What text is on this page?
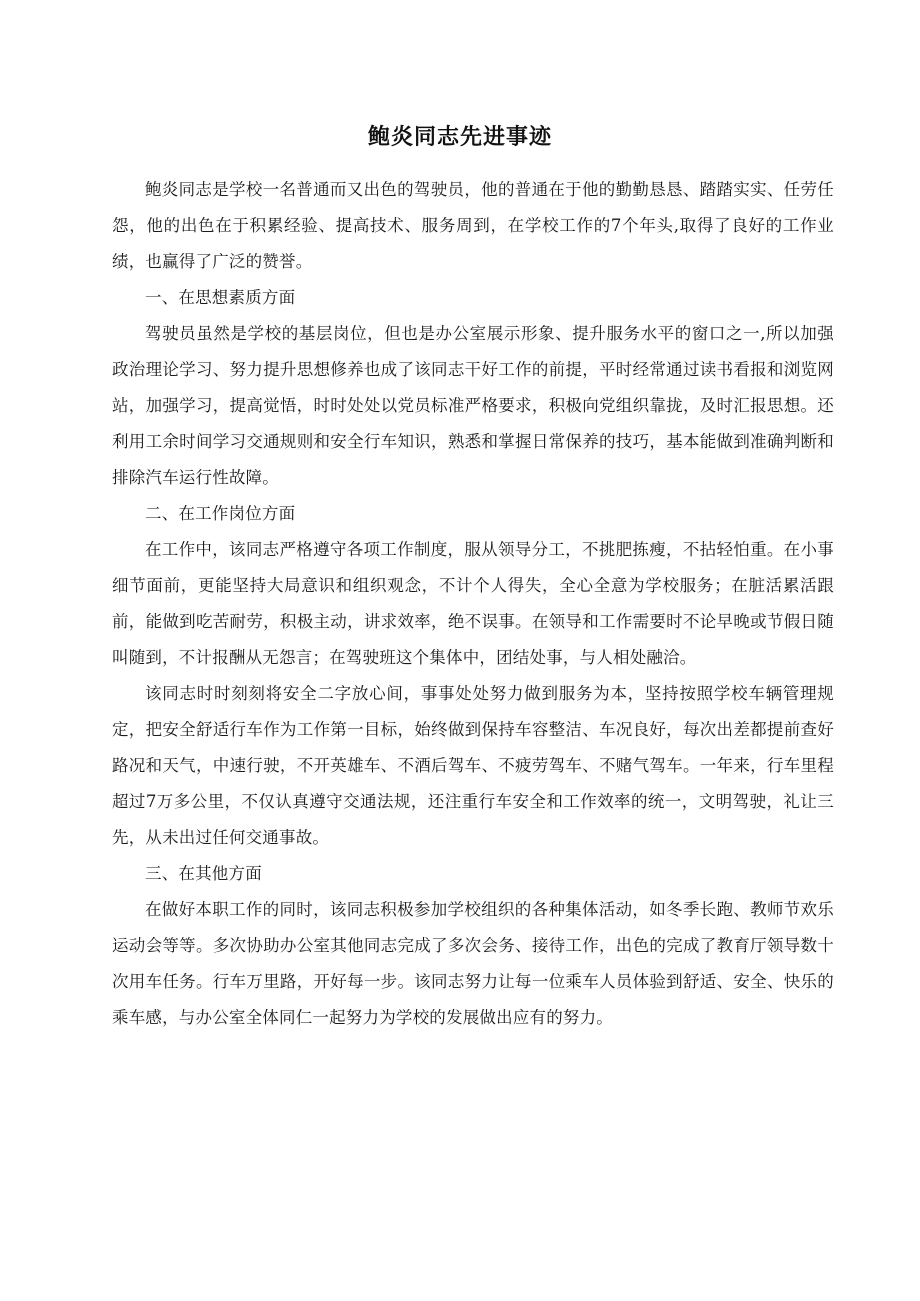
鲍炎同志先进事迹

鲍炎同志是学校一名普通而又出色的驾驶员，他的普通在于他的勤勤恳恳、踏踏实实、任劳任怨，他的出色在于积累经验、提高技术、服务周到，在学校工作的7个年头,取得了良好的工作业绩，也赢得了广泛的赞誉。

一、在思想素质方面

驾驶员虽然是学校的基层岗位，但也是办公室展示形象、提升服务水平的窗口之一,所以加强政治理论学习、努力提升思想修养也成了该同志干好工作的前提，平时经常通过读书看报和浏览网站，加强学习，提高觉悟，时时处处以党员标准严格要求，积极向党组织靠拢，及时汇报思想。还利用工余时间学习交通规则和安全行车知识，熟悉和掌握日常保养的技巧，基本能做到准确判断和排除汽车运行性故障。

二、在工作岗位方面

在工作中，该同志严格遵守各项工作制度，服从领导分工，不挑肥拣瘦，不拈轻怕重。在小事细节面前，更能坚持大局意识和组织观念，不计个人得失，全心全意为学校服务；在脏活累活跟前，能做到吃苦耐劳，积极主动，讲求效率，绝不误事。在领导和工作需要时不论早晚或节假日随叫随到，不计报酬从无怨言；在驾驶班这个集体中，团结处事，与人相处融洽。

该同志时时刻刻将安全二字放心间，事事处处努力做到服务为本，坚持按照学校车辆管理规定，把安全舒适行车作为工作第一目标，始终做到保持车容整洁、车况良好，每次出差都提前查好路况和天气，中速行驶，不开英雄车、不酒后驾车、不疲劳驾车、不赌气驾车。一年来，行车里程超过7万多公里，不仅认真遵守交通法规，还注重行车安全和工作效率的统一，文明驾驶，礼让三先，从未出过任何交通事故。

三、在其他方面

在做好本职工作的同时，该同志积极参加学校组织的各种集体活动，如冬季长跑、教师节欢乐运动会等等。多次协助办公室其他同志完成了多次会务、接待工作，出色的完成了教育厅领导数十次用车任务。行车万里路，开好每一步。该同志努力让每一位乘车人员体验到舒适、安全、快乐的乘车感，与办公室全体同仁一起努力为学校的发展做出应有的努力。
